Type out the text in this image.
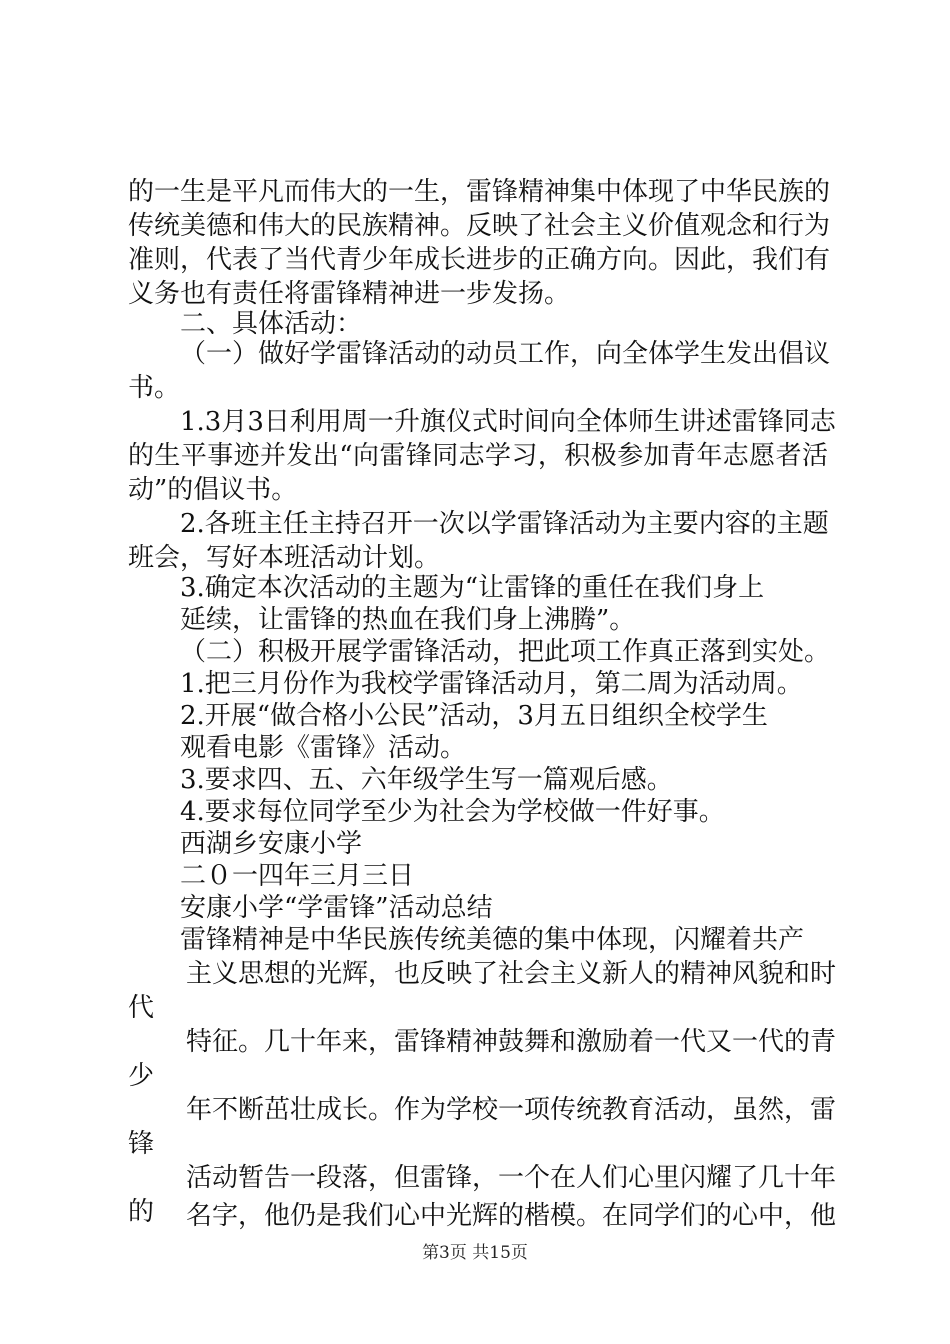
的一生是平凡而伟大的一生，雷锋精神集中体现了中华民族的
传统美德和伟大的民族精神。反映了社会主义价值观念和行为
准则，代表了当代青少年成长进步的正确方向。因此，我们有
义务也有责任将雷锋精神进一步发扬。
二、具体活动：
（一）做好学雷锋活动的动员工作，向全体学生发出倡议
书。
1.3月3日利用周一升旗仪式时间向全体师生讲述雷锋同志
的生平事迹并发出“向雷锋同志学习，积极参加青年志愿者活
动”的倡议书。
2.各班主任主持召开一次以学雷锋活动为主要内容的主题
班会，写好本班活动计划。
3.确定本次活动的主题为“让雷锋的重任在我们身上
延续，让雷锋的热血在我们身上沸腾”。
（二）积极开展学雷锋活动，把此项工作真正落到实处。
1.把三月份作为我校学雷锋活动月，第二周为活动周。
2.开展“做合格小公民”活动，3月五日组织全校学生
观看电影《雷锋》活动。
3.要求四、五、六年级学生写一篇观后感。
4.要求每位同学至少为社会为学校做一件好事。
西湖乡安康小学
二０一四年三月三日
安康小学“学雷锋”活动总结
雷锋精神是中华民族传统美德的集中体现，闪耀着共产
主义思想的光辉，也反映了社会主义新人的精神风貌和时
代
特征。几十年来，雷锋精神鼓舞和激励着一代又一代的青
少
年不断茁壮成长。作为学校一项传统教育活动，虽然，雷
锋
活动暂告一段落，但雷锋，一个在人们心里闪耀了几十年
的 名字，他仍是我们心中光辉的楷模。在同学们的心中，他
第3页 共15页
